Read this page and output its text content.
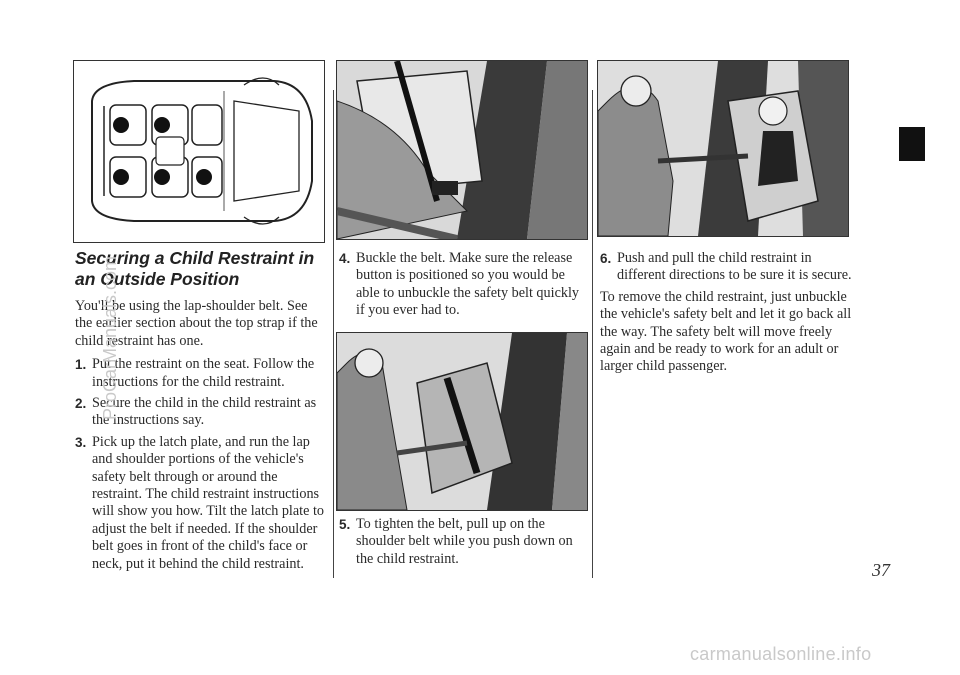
Securing a Child Restraint in an Outside Position

You'll be using the lap-shoulder belt. See the earlier section about the top strap if the child restraint has one.

1. Put the restraint on the seat. Follow the instructions for the child restraint.
2. Secure the child in the child restraint as the instructions say.
3. Pick up the latch plate, and run the lap and shoulder portions of the vehicle's safety belt through or around the restraint. The child restraint instructions will show you how. Tilt the latch plate to adjust the belt if needed. If the shoulder belt goes in front of the child's face or neck, put it behind the child restraint.
4. Buckle the belt. Make sure the release button is positioned so you would be able to unbuckle the safety belt quickly if you ever had to.
5. To tighten the belt, pull up on the shoulder belt while you push down on the child restraint.
6. Push and pull the child restraint in different directions to be sure it is secure.

To remove the child restraint, just unbuckle the vehicle's safety belt and let it go back all the way. The safety belt will move freely again and be ready to work for an adult or larger child passenger.

37
ProCarManuals.com
carmanualsonline.info
